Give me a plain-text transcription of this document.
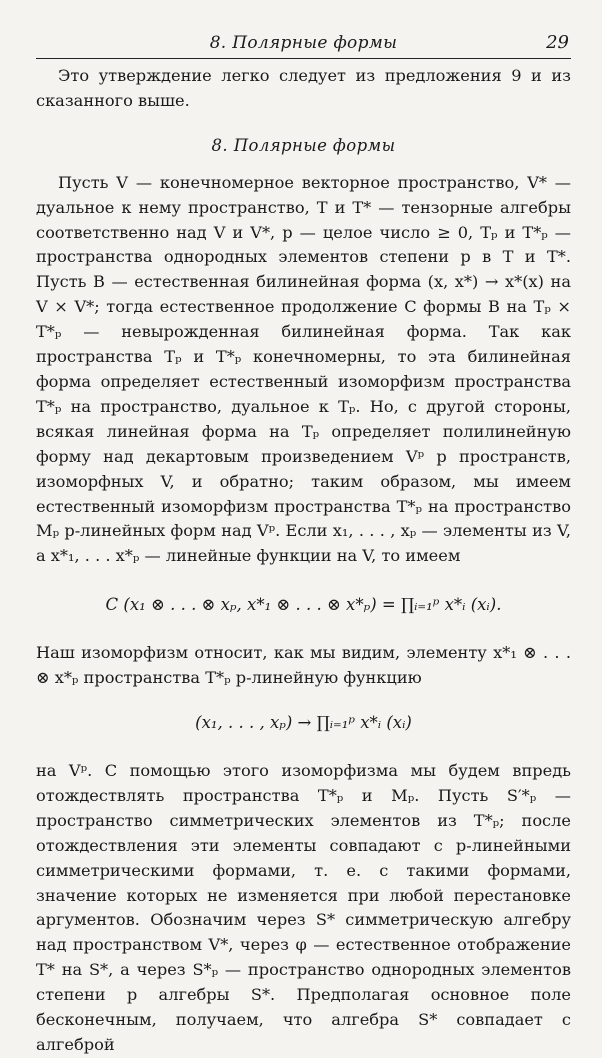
8. Полярные формы	29

Это утверждение легко следует из предложения 9 и из сказанного выше.

8. Полярные формы

Пусть V — конечномерное векторное пространство, V* — дуальное к нему пространство, T и T* — тензорные алгебры соответственно над V и V*, p — целое число ≥ 0, Tₚ и T*ₚ — пространства однородных элементов степени p в T и T*. Пусть B — естественная билинейная форма (x, x*) → x*(x) на V × V*; тогда естественное продолжение C формы B на Tₚ × T*ₚ — невырожденная билинейная форма. Так как пространства Tₚ и T*ₚ конечномерны, то эта билинейная форма определяет естественный изоморфизм пространства T*ₚ на пространство, дуальное к Tₚ. Но, с другой стороны, всякая линейная форма на Tₚ определяет полилинейную форму над декартовым произведением Vᵖ p пространств, изоморфных V, и обратно; таким образом, мы имеем естественный изоморфизм пространства T*ₚ на пространство Mₚ p-линейных форм над Vᵖ. Если x₁, . . . , xₚ — элементы из V, а x*₁, . . . x*ₚ — линейные функции на V, то имеем

C (x₁ ⊗ . . . ⊗ xₚ, x*₁ ⊗ . . . ⊗ x*ₚ) = ∏ᵢ₌₁ᵖ x*ᵢ (xᵢ).

Наш изоморфизм относит, как мы видим, элементу x*₁ ⊗ . . . ⊗ x*ₚ пространства T*ₚ p-линейную функцию

(x₁, . . . , xₚ) → ∏ᵢ₌₁ᵖ x*ᵢ (xᵢ)

на Vᵖ. С помощью этого изоморфизма мы будем впредь отождествлять пространства T*ₚ и Mₚ. Пусть S′*ₚ — пространство симметрических элементов из T*ₚ; после отождествления эти элементы совпадают с p-линейными симметрическими формами, т. е. с такими формами, значение которых не изменяется при любой перестановке аргументов. Обозначим через S* симметрическую алгебру над пространством V*, через φ — естественное отображение T* на S*, а через S*ₚ — пространство однородных элементов степени p алгебры S*. Предполагая основное поле бесконечным, получаем, что алгебра S* совпадает с алгеброй
